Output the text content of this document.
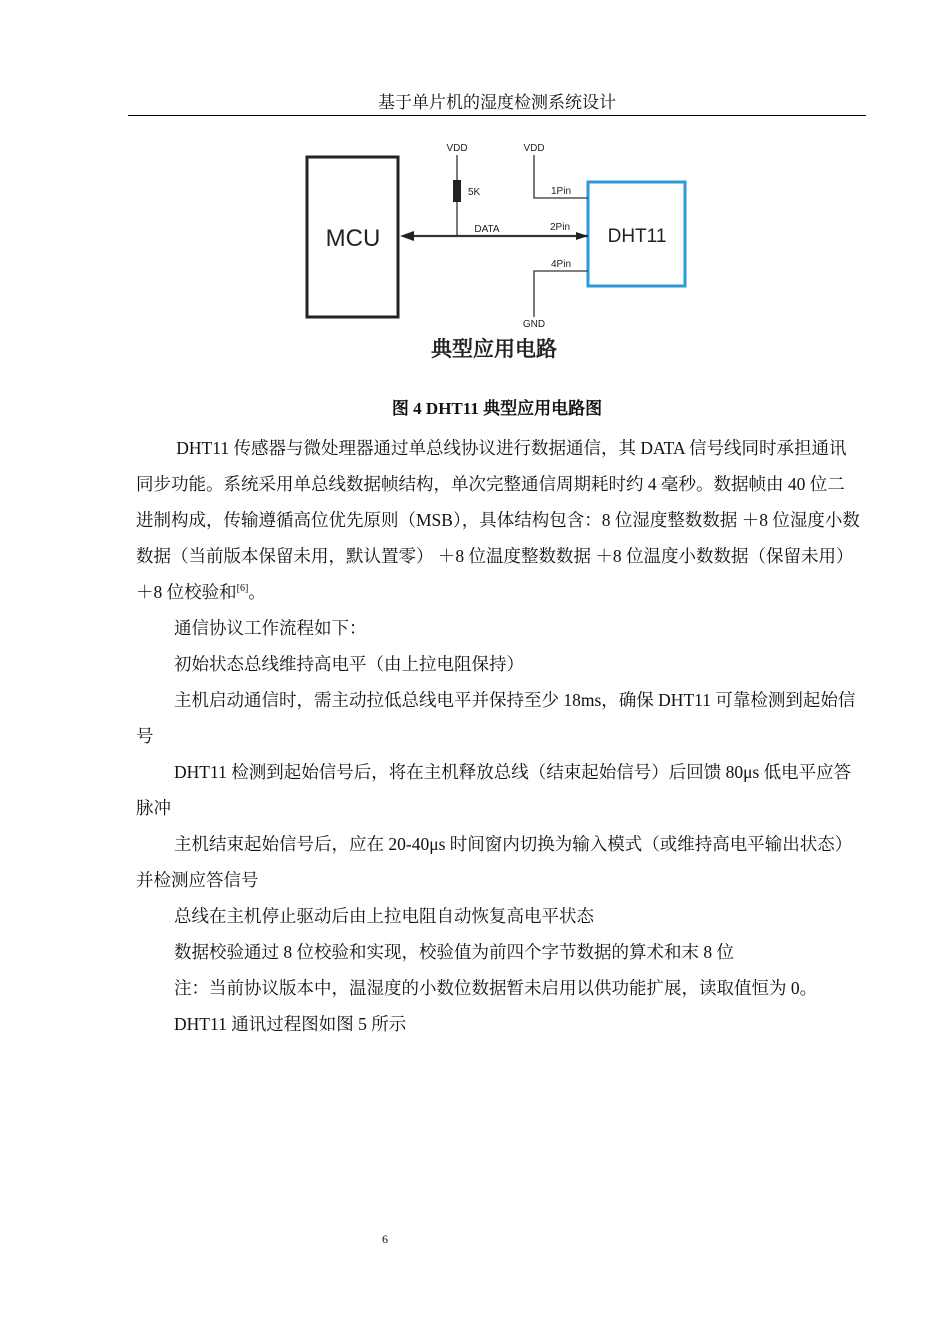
基于单片机的湿度检测系统设计
MCU	DHT11
VDD
5K
DATA
VDD
1Pin
2Pin
4Pin
GND
典型应用电路
图 4 DHT11 典型应用电路图

DHT11 传感器与微处理器通过单总线协议进行数据通信，其 DATA 信号线同时承担通讯同步功能。系统采用单总线数据帧结构，单次完整通信周期耗时约 4 毫秒。数据帧由 40 位二进制构成，传输遵循高位优先原则（MSB），具体结构包含：8 位湿度整数数据 ＋8 位湿度小数数据（当前版本保留未用，默认置零） ＋8 位温度整数数据 ＋8 位温度小数数据（保留未用） ＋8 位校验和[6]。

通信协议工作流程如下：

初始状态总线维持高电平（由上拉电阻保持）

主机启动通信时，需主动拉低总线电平并保持至少 18ms，确保 DHT11 可靠检测到起始信号

DHT11 检测到起始信号后，将在主机释放总线（结束起始信号）后回馈 80μs 低电平应答脉冲

主机结束起始信号后，应在 20-40μs 时间窗内切换为输入模式（或维持高电平输出状态）并检测应答信号

总线在主机停止驱动后由上拉电阻自动恢复高电平状态

数据校验通过 8 位校验和实现，校验值为前四个字节数据的算术和末 8 位

注：当前协议版本中，温湿度的小数位数据暂未启用以供功能扩展，读取值恒为 0。

DHT11 通讯过程图如图 5 所示

6
